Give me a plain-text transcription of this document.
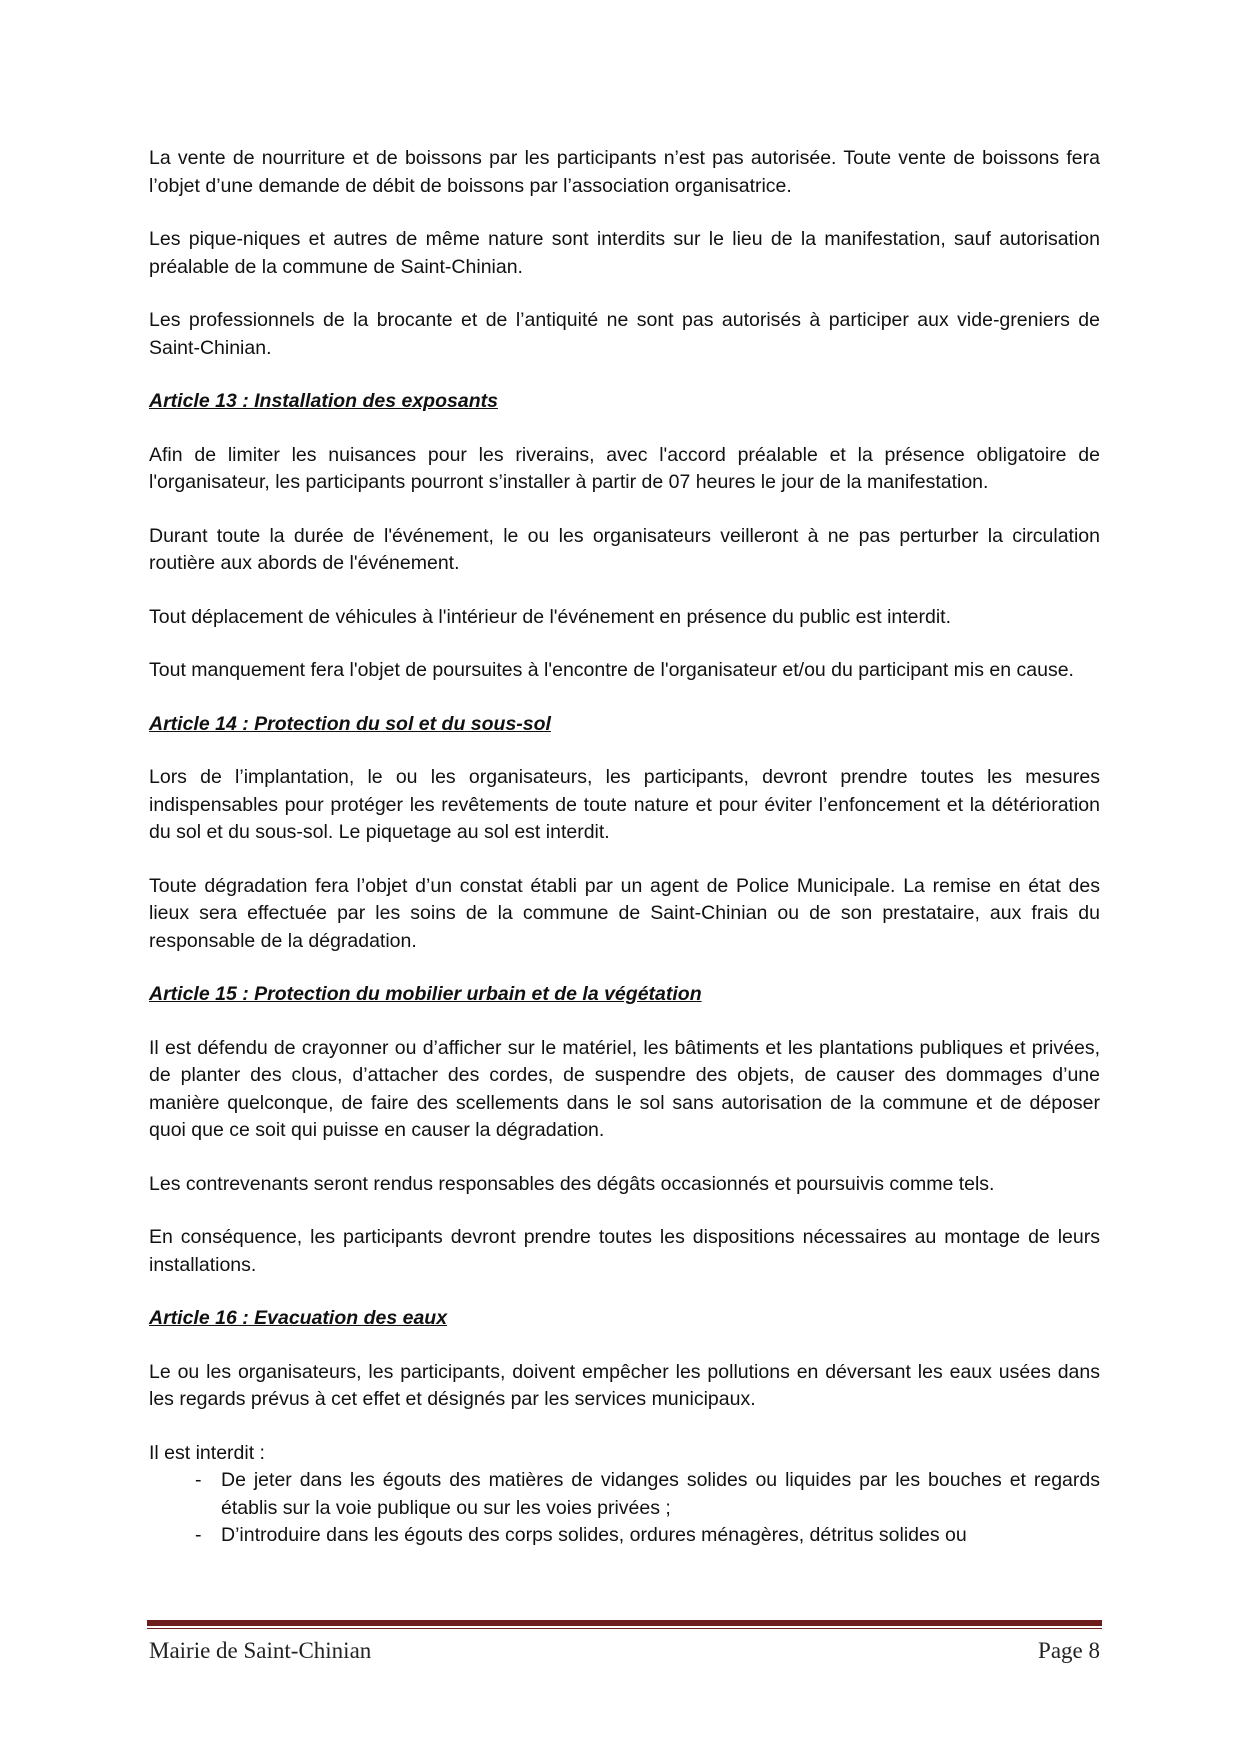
La vente de nourriture et de boissons par les participants n’est pas autorisée. Toute vente de boissons fera l’objet d’une demande de débit de boissons par l’association organisatrice.

Les pique-niques et autres de même nature sont interdits sur le lieu de la manifestation, sauf autorisation préalable de la commune de Saint-Chinian.

Les professionnels de la brocante et de l’antiquité ne sont pas autorisés à participer aux vide-greniers de Saint-Chinian.

Article 13 : Installation des exposants

Afin de limiter les nuisances pour les riverains, avec l'accord préalable et la présence obligatoire de l'organisateur, les participants pourront s’installer à partir de 07 heures le jour de la manifestation.

Durant toute la durée de l'événement, le ou les organisateurs veilleront à ne pas perturber la circulation routière aux abords de l'événement.

Tout déplacement de véhicules à l'intérieur de l'événement en présence du public est interdit.

Tout manquement fera l'objet de poursuites à l'encontre de l'organisateur et/ou du participant mis en cause.

Article 14 : Protection du sol et du sous-sol

Lors de l’implantation, le ou les organisateurs, les participants, devront prendre toutes les mesures indispensables pour protéger les revêtements de toute nature et pour éviter l’enfoncement et la détérioration du sol et du sous-sol. Le piquetage au sol est interdit.

Toute dégradation fera l’objet d’un constat établi par un agent de Police Municipale. La remise en état des lieux sera effectuée par les soins de la commune de Saint-Chinian ou de son prestataire, aux frais du responsable de la dégradation.

Article 15 : Protection du mobilier urbain et de la végétation

Il est défendu de crayonner ou d’afficher sur le matériel, les bâtiments et les plantations publiques et privées, de planter des clous, d’attacher des cordes, de suspendre des objets, de causer des dommages d’une manière quelconque, de faire des scellements dans le sol sans autorisation de la commune et de déposer quoi que ce soit qui puisse en causer la dégradation.

Les contrevenants seront rendus responsables des dégâts occasionnés et poursuivis comme tels.

En conséquence, les participants devront prendre toutes les dispositions nécessaires au montage de leurs installations.

Article 16 : Evacuation des eaux

Le ou les organisateurs, les participants, doivent empêcher les pollutions en déversant les eaux usées dans les regards prévus à cet effet et désignés par les services municipaux.

Il est interdit :

- De jeter dans les égouts des matières de vidanges solides ou liquides par les bouches et regards établis sur la voie publique ou sur les voies privées ;
- D’introduire dans les égouts des corps solides, ordures ménagères, détritus solides ou
Mairie de Saint-Chinian	Page 8
